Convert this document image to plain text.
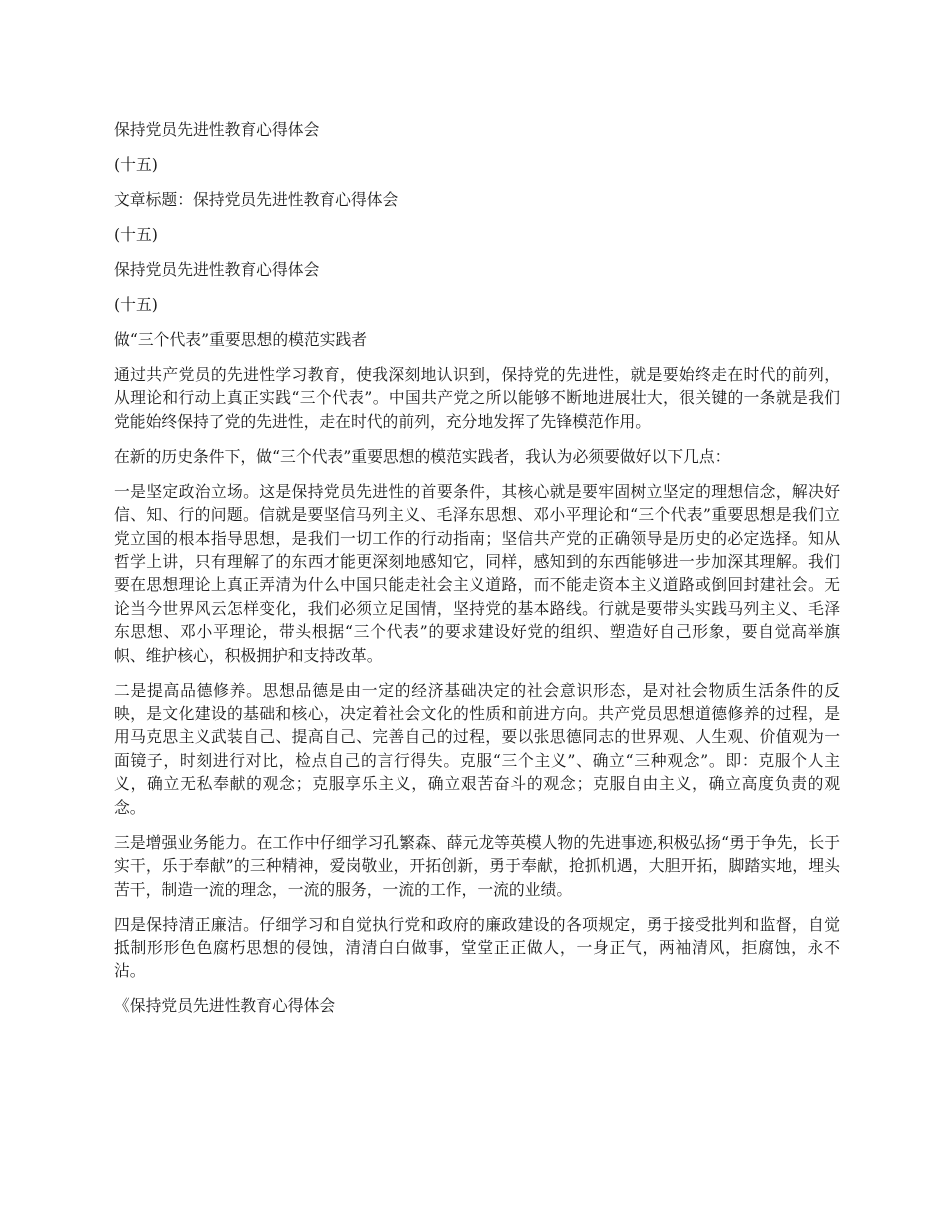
保持党员先进性教育心得体会

(十五)

文章标题：保持党员先进性教育心得体会

(十五)

保持党员先进性教育心得体会

(十五)

做“三个代表”重要思想的模范实践者

通过共产党员的先进性学习教育，使我深刻地认识到，保持党的先进性，就是要始终走在时代的前列，从理论和行动上真正实践“三个代表”。中国共产党之所以能够不断地进展壮大，很关键的一条就是我们党能始终保持了党的先进性，走在时代的前列，充分地发挥了先锋模范作用。

在新的历史条件下，做“三个代表”重要思想的模范实践者，我认为必须要做好以下几点：

一是坚定政治立场。这是保持党员先进性的首要条件，其核心就是要牢固树立坚定的理想信念，解决好信、知、行的问题。信就是要坚信马列主义、毛泽东思想、邓小平理论和“三个代表”重要思想是我们立党立国的根本指导思想，是我们一切工作的行动指南；坚信共产党的正确领导是历史的必定选择。知从哲学上讲，只有理解了的东西才能更深刻地感知它，同样，感知到的东西能够进一步加深其理解。我们要在思想理论上真正弄清为什么中国只能走社会主义道路，而不能走资本主义道路或倒回封建社会。无论当今世界风云怎样变化，我们必须立足国情，坚持党的基本路线。行就是要带头实践马列主义、毛泽东思想、邓小平理论，带头根据“三个代表”的要求建设好党的组织、塑造好自己形象，要自觉高举旗帜、维护核心，积极拥护和支持改革。

二是提高品德修养。思想品德是由一定的经济基础决定的社会意识形态，是对社会物质生活条件的反映，是文化建设的基础和核心，决定着社会文化的性质和前进方向。共产党员思想道德修养的过程，是用马克思主义武装自己、提高自己、完善自己的过程，要以张思德同志的世界观、人生观、价值观为一面镜子，时刻进行对比，检点自己的言行得失。克服“三个主义”、确立“三种观念”。即：克服个人主义，确立无私奉献的观念；克服享乐主义，确立艰苦奋斗的观念；克服自由主义，确立高度负责的观念。

三是增强业务能力。在工作中仔细学习孔繁森、薛元龙等英模人物的先进事迹,积极弘扬“勇于争先，长于实干，乐于奉献”的三种精神，爱岗敬业，开拓创新，勇于奉献，抢抓机遇，大胆开拓，脚踏实地，埋头苦干，制造一流的理念，一流的服务，一流的工作，一流的业绩。

四是保持清正廉洁。仔细学习和自觉执行党和政府的廉政建设的各项规定，勇于接受批判和监督，自觉抵制形形色色腐朽思想的侵蚀，清清白白做事，堂堂正正做人，一身正气，两袖清风，拒腐蚀，永不沾。

《保持党员先进性教育心得体会
